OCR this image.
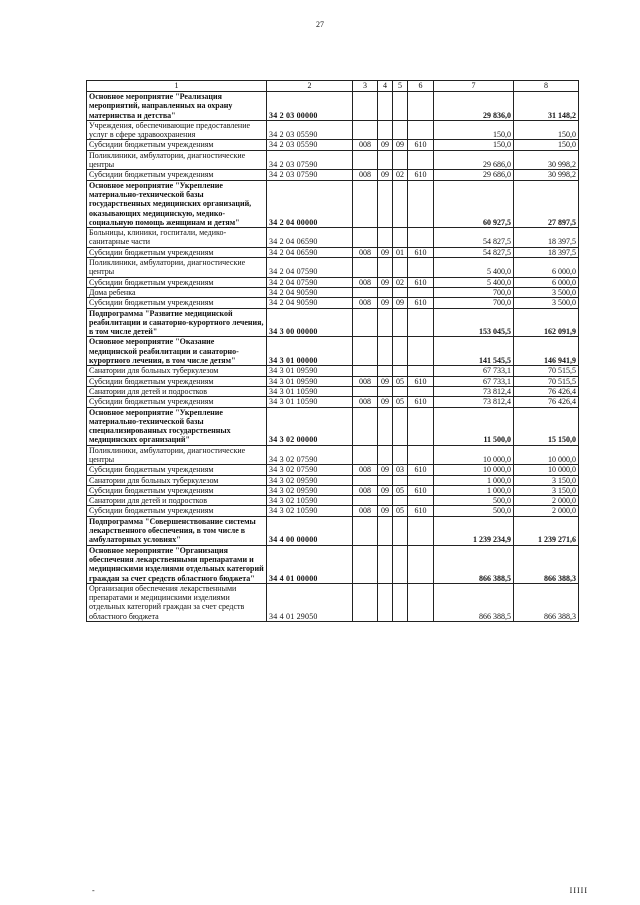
27
1	2	3	4	5	6	7	8
Основное мероприятие "Реализация мероприятий, направленных на охрану материнства и детства"	34 2 03 00000					29 836,0	31 148,2
Учреждения, обеспечивающие предоставление услуг в сфере здравоохранения	34 2 03 05590					150,0	150,0
Субсидии бюджетным учреждениям	34 2 03 05590	008	09	09	610	150,0	150,0
Поликлиники, амбулатории, диагностические центры	34 2 03 07590					29 686,0	30 998,2
Субсидии бюджетным учреждениям	34 2 03 07590	008	09	02	610	29 686,0	30 998,2
Основное мероприятие "Укрепление материально-технической базы государственных медицинских организаций, оказывающих медицинскую, медико-социальную помощь женщинам и детям"	34 2 04 00000					60 927,5	27 897,5
Больницы, клиники, госпитали, медико-санитарные части	34 2 04 06590					54 827,5	18 397,5
Субсидии бюджетным учреждениям	34 2 04 06590	008	09	01	610	54 827,5	18 397,5
Поликлиники, амбулатории, диагностические центры	34 2 04 07590					5 400,0	6 000,0
Субсидии бюджетным учреждениям	34 2 04 07590	008	09	02	610	5 400,0	6 000,0
Дома ребенка	34 2 04 90590					700,0	3 500,0
Субсидии бюджетным учреждениям	34 2 04 90590	008	09	09	610	700,0	3 500,0
Подпрограмма "Развитие медицинской реабилитации и санаторно-курортного лечения, в том числе детей"	34 3 00 00000					153 045,5	162 091,9
Основное мероприятие "Оказание медицинской реабилитации и санаторно-курортного лечения, в том числе детям"	34 3 01 00000					141 545,5	146 941,9
Санатории для больных туберкулезом	34 3 01 09590					67 733,1	70 515,5
Субсидии бюджетным учреждениям	34 3 01 09590	008	09	05	610	67 733,1	70 515,5
Санатории для детей и подростков	34 3 01 10590					73 812,4	76 426,4
Субсидии бюджетным учреждениям	34 3 01 10590	008	09	05	610	73 812,4	76 426,4
Основное мероприятие "Укрепление материально-технической базы специализированных государственных медицинских организаций"	34 3 02 00000					11 500,0	15 150,0
Поликлиники, амбулатории, диагностические центры	34 3 02 07590					10 000,0	10 000,0
Субсидии бюджетным учреждениям	34 3 02 07590	008	09	03	610	10 000,0	10 000,0
Санатории для больных туберкулезом	34 3 02 09590					1 000,0	3 150,0
Субсидии бюджетным учреждениям	34 3 02 09590	008	09	05	610	1 000,0	3 150,0
Санатории для детей и подростков	34 3 02 10590					500,0	2 000,0
Субсидии бюджетным учреждениям	34 3 02 10590	008	09	05	610	500,0	2 000,0
Подпрограмма "Совершенствование системы лекарственного обеспечения, в том числе в амбулаторных условиях"	34 4 00 00000					1 239 234,9	1 239 271,6
Основное мероприятие "Организация обеспечения лекарственными препаратами и медицинскими изделиями отдельных категорий граждан за счет средств областного бюджета"	34 4 01 00000					866 388,5	866 388,3
Организация обеспечения лекарственными препаратами и медицинскими изделиями отдельных категорий граждан за счет средств областного бюджета	34 4 01 29050					866 388,5	866 388,3
-	IIIII
